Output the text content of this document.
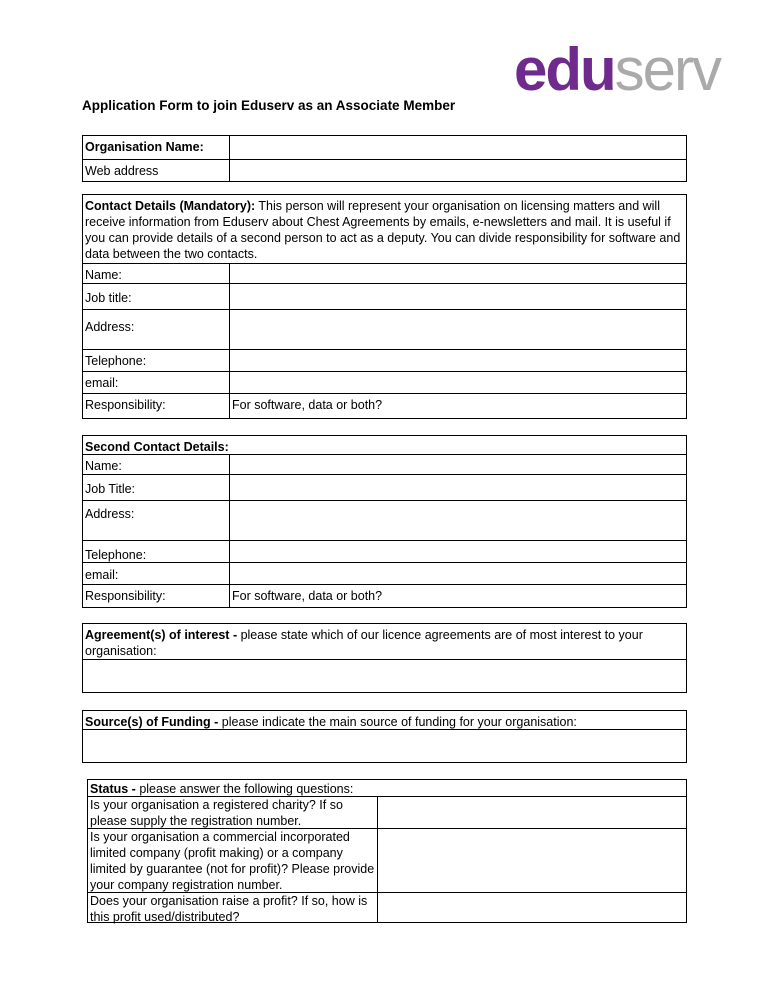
eduserv
Application Form to join Eduserv as an Associate Member
Organisation Name:
Web address
Contact Details (Mandatory): This person will represent your organisation on licensing matters and will receive information from Eduserv about Chest Agreements by emails, e-newsletters and mail. It is useful if you can provide details of a second person to act as a deputy. You can divide responsibility for software and data between the two contacts.
Name:
Job title:
Address:
Telephone:
email:
Responsibility:	For software, data or both?
Second Contact Details:
Name:
Job Title:
Address:
Telephone:
email:
Responsibility:	For software, data or both?
Agreement(s) of interest - please state which of our licence agreements are of most interest to your organisation:
Source(s) of Funding - please indicate the main source of funding for your organisation:
Status - please answer the following questions:
Is your organisation a registered charity? If so please supply the registration number.
Is your organisation a commercial incorporated limited company (profit making) or a company limited by guarantee (not for profit)? Please provide your company registration number.
Does your organisation raise a profit? If so, how is this profit used/distributed?
